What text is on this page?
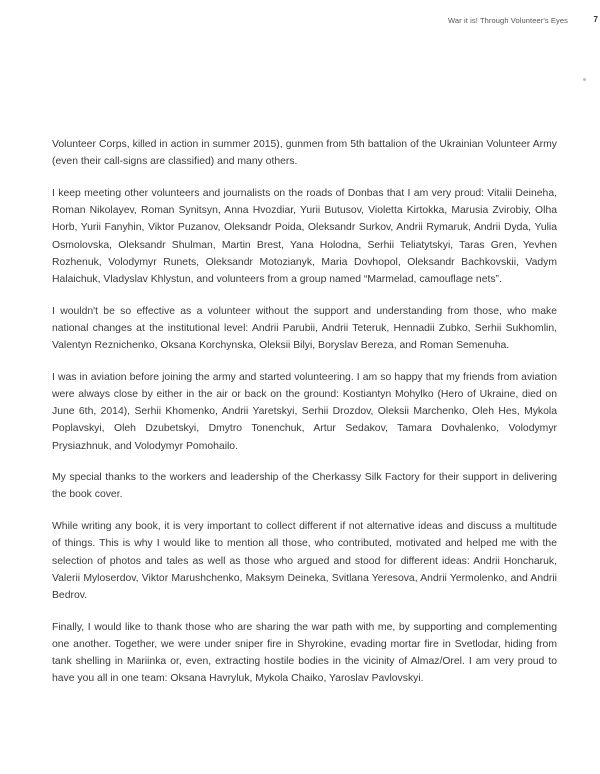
War it is! Through Volunteer's Eyes	7

Volunteer Corps, killed in action in summer 2015), gunmen from 5th battalion of the Ukrainian Volunteer Army (even their call-signs are classified) and many others.

I keep meeting other volunteers and journalists on the roads of Donbas that I am very proud: Vitalii Deineha, Roman Nikolayev, Roman Synitsyn, Anna Hvozdiar, Yurii Butusov, Violetta Kirtokka, Marusia Zvirobiy, Olha Horb, Yurii Fanyhin, Viktor Puzanov, Oleksandr Poida, Oleksandr Surkov, Andrii Rymaruk, Andrii Dyda, Yulia Osmolovska, Oleksandr Shulman, Martin Brest, Yana Holodna, Serhii Teliatytskyi, Taras Gren, Yevhen Rozhenuk, Volodymyr Runets, Oleksandr Motozianyk, Maria Dovhopol, Oleksandr Bachkovskii, Vadym Halaichuk, Vladyslav Khlystun, and volunteers from a group named “Marmelad, camouflage nets”.

I wouldn't be so effective as a volunteer without the support and understanding from those, who make national changes at the institutional level: Andrii Parubii, Andrii Teteruk, Hennadii Zubko, Serhii Sukhomlin, Valentyn Reznichenko, Oksana Korchynska, Oleksii Bilyi, Boryslav Bereza, and Roman Semenuha.

I was in aviation before joining the army and started volunteering. I am so happy that my friends from aviation were always close by either in the air or back on the ground: Kostiantyn Mohylko (Hero of Ukraine, died on June 6th, 2014), Serhii Khomenko, Andrii Yaretskyi, Serhii Drozdov, Oleksii Marchenko, Oleh Hes, Mykola Poplavskyi, Oleh Dzubetskyi, Dmytro Tonenchuk, Artur Sedakov, Tamara Dovhalenko, Volodymyr Prysiazhnuk, and Volodymyr Pomohailo.

My special thanks to the workers and leadership of the Cherkassy Silk Factory for their support in delivering the book cover.

While writing any book, it is very important to collect different if not alternative ideas and discuss a multitude of things. This is why I would like to mention all those, who contributed, motivated and helped me with the selection of photos and tales as well as those who argued and stood for different ideas: Andrii Honcharuk, Valerii Myloserdov, Viktor Marushchenko, Maksym Deineka, Svitlana Yeresova, Andrii Yermolenko, and Andrii Bedrov.

Finally, I would like to thank those who are sharing the war path with me, by supporting and complementing one another. Together, we were under sniper fire in Shyrokine, evading mortar fire in Svetlodar, hiding from tank shelling in Mariinka or, even, extracting hostile bodies in the vicinity of Almaz/Orel. I am very proud to have you all in one team: Oksana Havryluk, Mykola Chaiko, Yaroslav Pavlovskyi.
